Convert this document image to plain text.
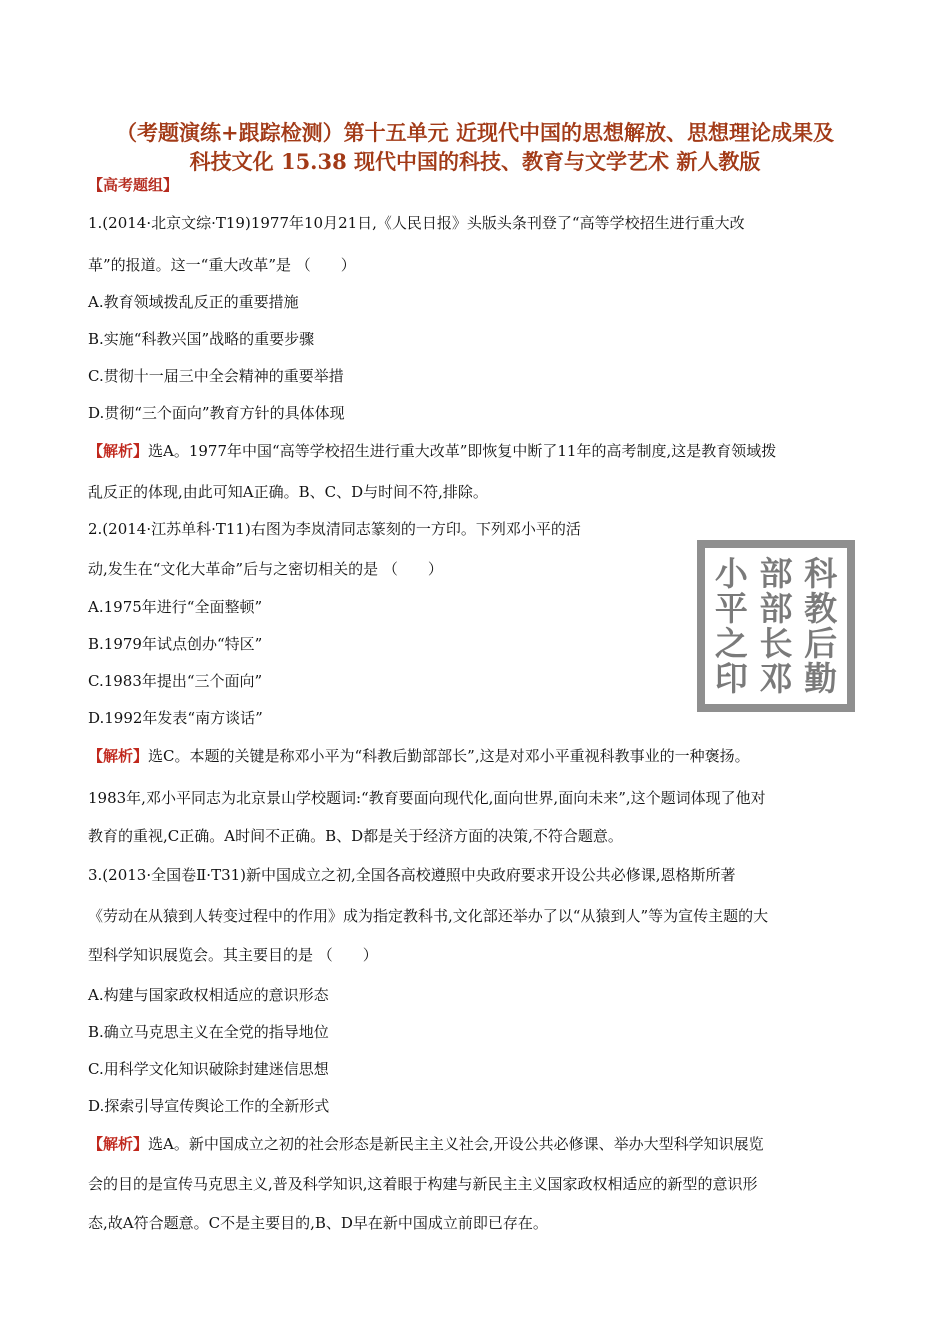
（考题演练+跟踪检测）第十五单元 近现代中国的思想解放、思想理论成果及
科技文化 15.38 现代中国的科技、教育与文学艺术 新人教版
【高考题组】
1.(2014·北京文综·T19)1977年10月21日,《人民日报》头版头条刊登了“高等学校招生进行重大改
革”的报道。这一“重大改革”是 （　　）
A.教育领域拨乱反正的重要措施
B.实施“科教兴国”战略的重要步骤
C.贯彻十一届三中全会精神的重要举措
D.贯彻“三个面向”教育方针的具体体现
【解析】选A。1977年中国“高等学校招生进行重大改革”即恢复中断了11年的高考制度,这是教育领域拨
乱反正的体现,由此可知A正确。B、C、D与时间不符,排除。
2.(2014·江苏单科·T11)右图为李岚清同志篆刻的一方印。下列邓小平的活
动,发生在“文化大革命”后与之密切相关的是 （　　）
A.1975年进行“全面整顿”
B.1979年试点创办“特区”
C.1983年提出“三个面向”
D.1992年发表“南方谈话”
科
教
后
勤
部
部
长
邓
小
平
之
印
【解析】选C。本题的关键是称邓小平为“科教后勤部部长”,这是对邓小平重视科教事业的一种褒扬。
1983年,邓小平同志为北京景山学校题词:“教育要面向现代化,面向世界,面向未来”,这个题词体现了他对
教育的重视,C正确。A时间不正确。B、D都是关于经济方面的决策,不符合题意。
3.(2013·全国卷Ⅱ·T31)新中国成立之初,全国各高校遵照中央政府要求开设公共必修课,恩格斯所著
《劳动在从猿到人转变过程中的作用》成为指定教科书,文化部还举办了以“从猿到人”等为宣传主题的大
型科学知识展览会。其主要目的是 （　　）
A.构建与国家政权相适应的意识形态
B.确立马克思主义在全党的指导地位
C.用科学文化知识破除封建迷信思想
D.探索引导宣传舆论工作的全新形式
【解析】选A。新中国成立之初的社会形态是新民主主义社会,开设公共必修课、举办大型科学知识展览
会的目的是宣传马克思主义,普及科学知识,这着眼于构建与新民主主义国家政权相适应的新型的意识形
态,故A符合题意。C不是主要目的,B、D早在新中国成立前即已存在。
